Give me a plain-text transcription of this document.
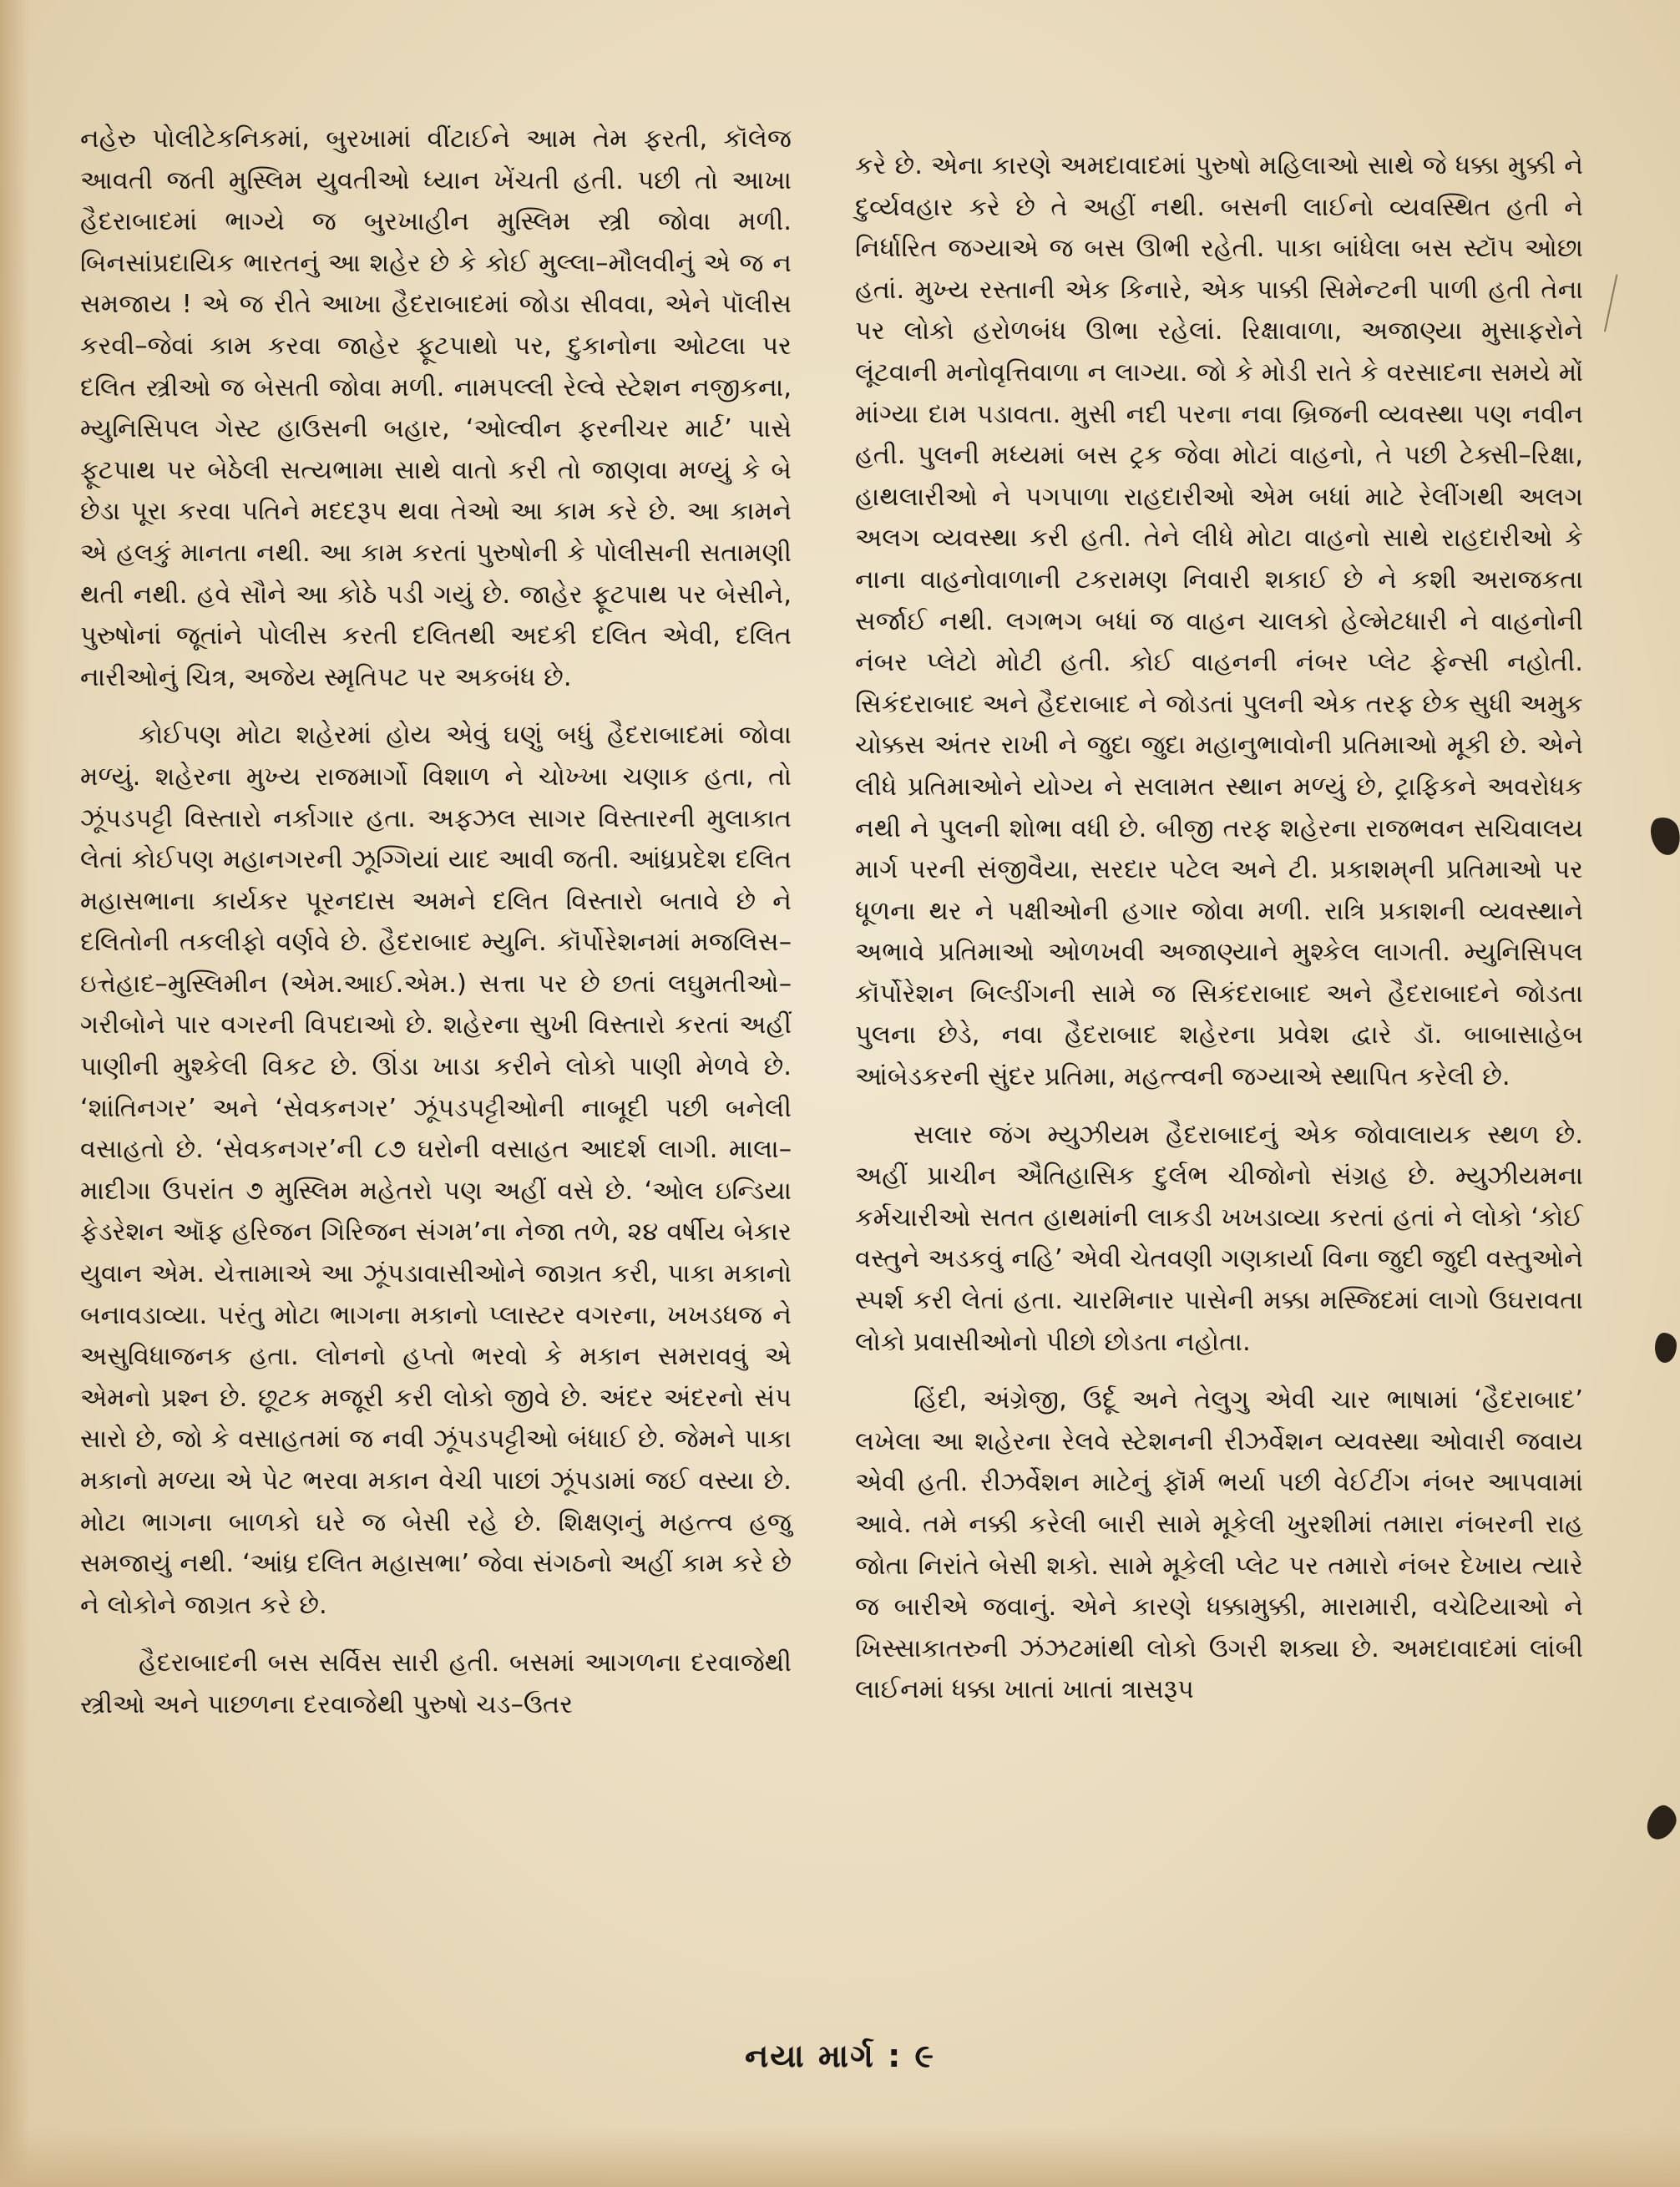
નહેરુ પોલીટેકનિકમાં, બુરખામાં વીંટાઈને આમ તેમ ફરતી, કૉલેજ આવતી જતી મુસ્લિમ યુવતીઓ ધ્યાન ખેંચતી હતી. પછી તો આખા હૈદરાબાદમાં ભાગ્યે જ બુરખાહીન મુસ્લિમ સ્ત્રી જોવા મળી. બિનસાંપ્રદાયિક ભારતનું આ શહેર છે કે કોઈ મુલ્લા–મૌલવીનું એ જ ન સમજાય ! એ જ રીતે આખા હૈદરાબાદમાં જોડા સીવવા, એને પૉલીસ કરવી–જેવાં કામ કરવા જાહેર ફૂટપાથો પર, દુકાનોના ઓટલા પર દલિત સ્ત્રીઓ જ બેસતી જોવા મળી. નામપલ્લી રેલ્વે સ્ટેશન નજીકના, મ્યુનિસિપલ ગેસ્ટ હાઉસની બહાર, ‘ઓલ્વીન ફરનીચર માર્ટ’ પાસે ફૂટપાથ પર બેઠેલી સત્યભામા સાથે વાતો કરી તો જાણવા મળ્યું કે બે છેડા પૂરા કરવા પતિને મદદરૂપ થવા તેઓ આ કામ કરે છે. આ કામને એ હલકું માનતા નથી. આ કામ કરતાં પુરુષોની કે પોલીસની સતામણી થતી નથી. હવે સૌને આ કોઠે પડી ગયું છે. જાહેર ફૂટપાથ પર બેસીને, પુરુષોનાં જૂતાંને પોલીસ કરતી દલિતથી અદકી દલિત એવી, દલિત નારીઓનું ચિત્ર, અજેય સ્મૃતિપટ પર અકબંધ છે.

કોઈપણ મોટા શહેરમાં હોય એવું ઘણું બધું હૈદરાબાદમાં જોવા મળ્યું. શહેરના મુખ્ય રાજમાર્ગો વિશાળ ને ચોખ્ખા ચણાક હતા, તો ઝૂંપડપટ્ટી વિસ્તારો નર્કાગાર હતા. અફઝલ સાગર વિસ્તારની મુલાકાત લેતાં કોઈપણ મહાનગરની ઝૂગ્ગિયાં યાદ આવી જતી. આંધ્રપ્રદેશ દલિત મહાસભાના કાર્યકર પૂરનદાસ અમને દલિત વિસ્તારો બતાવે છે ને દલિતોની તકલીફો વર્ણવે છે. હૈદરાબાદ મ્યુનિ. કૉર્પોરેશનમાં મજલિસ–ઇત્તેહાદ–મુસ્લિમીન (એમ.આઈ.એમ.) સત્તા પર છે છતાં લઘુમતીઓ–ગરીબોને પાર વગરની વિપદાઓ છે. શહેરના સુખી વિસ્તારો કરતાં અહીં પાણીની મુશ્કેલી વિકટ છે. ઊંડા ખાડા કરીને લોકો પાણી મેળવે છે. ‘શાંતિનગર’ અને ‘સેવકનગર’ ઝૂંપડપટ્ટીઓની નાબૂદી પછી બનેલી વસાહતો છે. ‘સેવકનગર’ની ૮૭ ઘરોની વસાહત આદર્શ લાગી. માલા–માદીગા ઉપરાંત ૭ મુસ્લિમ મહેતરો પણ અહીં વસે છે. ‘ઓલ ઇન્ડિયા ફેડરેશન ઑફ હરિજન ગિરિજન સંગમ’ના નેજા તળે, ૨૪ વર્ષીય બેકાર યુવાન એમ. યેત્તામાએ આ ઝૂંપડાવાસીઓને જાગ્રત કરી, પાકા મકાનો બનાવડાવ્યા. પરંતુ મોટા ભાગના મકાનો પ્લાસ્ટર વગરના, ખખડધજ ને અસુવિધાજનક હતા. લોનનો હપ્તો ભરવો કે મકાન સમરાવવું એ એમનો પ્રશ્ન છે. છૂટક મજૂરી કરી લોકો જીવે છે. અંદર અંદરનો સંપ સારો છે, જો કે વસાહતમાં જ નવી ઝૂંપડપટ્ટીઓ બંધાઈ છે. જેમને પાકા મકાનો મળ્યા એ પેટ ભરવા મકાન વેચી પાછાં ઝૂંપડામાં જઈ વસ્યા છે. મોટા ભાગના બાળકો ઘરે જ બેસી રહે છે. શિક્ષણનું મહત્ત્વ હજુ સમજાયું નથી. ‘આંધ્ર દલિત મહાસભા’ જેવા સંગઠનો અહીં કામ કરે છે ને લોકોને જાગ્રત કરે છે.

હૈદરાબાદની બસ સર્વિસ સારી હતી. બસમાં આગળના દરવાજેથી સ્ત્રીઓ અને પાછળના દરવાજેથી પુરુષો ચડ–ઉતર

કરે છે. એના કારણે અમદાવાદમાં પુરુષો મહિલાઓ સાથે જે ધક્કા મુક્કી ને દુર્વ્યવહાર કરે છે તે અહીં નથી. બસની લાઈનો વ્યવસ્થિત હતી ને નિર્ધારિત જગ્યાએ જ બસ ઊભી રહેતી. પાકા બાંધેલા બસ સ્ટૉપ ઓછા હતાં. મુખ્ય રસ્તાની એક કિનારે, એક પાક્કી સિમેન્ટની પાળી હતી તેના પર લોકો હરોળબંધ ઊભા રહેલાં. રિક્ષાવાળા, અજાણ્યા મુસાફરોને લૂંટવાની મનોવૃત્તિવાળા ન લાગ્યા. જો કે મોડી રાતે કે વરસાદના સમયે મોં માંગ્યા દામ પડાવતા. મુસી નદી પરના નવા બ્રિજની વ્યવસ્થા પણ નવીન હતી. પુલની મધ્યમાં બસ ટ્રક જેવા મોટાં વાહનો, તે પછી ટેક્સી–રિક્ષા, હાથલારીઓ ને પગપાળા રાહદારીઓ એમ બધાં માટે રેલીંગથી અલગ અલગ વ્યવસ્થા કરી હતી. તેને લીધે મોટા વાહનો સાથે રાહદારીઓ કે નાના વાહનોવાળાની ટકરામણ નિવારી શકાઈ છે ને કશી અરાજકતા સર્જાઈ નથી. લગભગ બધાં જ વાહન ચાલકો હેલ્મેટધારી ને વાહનોની નંબર પ્લેટો મોટી હતી. કોઈ વાહનની નંબર પ્લેટ ફેન્સી નહોતી. સિકંદરાબાદ અને હૈદરાબાદ ને જોડતાં પુલની એક તરફ છેક સુધી અમુક ચોક્કસ અંતર રાખી ને જુદા જુદા મહાનુભાવોની પ્રતિમાઓ મૂકી છે. એને લીધે પ્રતિમાઓને યોગ્ય ને સલામત સ્થાન મળ્યું છે, ટ્રાફિકને અવરોધક નથી ને પુલની શોભા વધી છે. બીજી તરફ શહેરના રાજભવન સચિવાલય માર્ગ પરની સંજીવૈયા, સરદાર પટેલ અને ટી. પ્રકાશમ્‌ની પ્રતિમાઓ પર ધૂળના થર ને પક્ષીઓની હગાર જોવા મળી. રાત્રિ પ્રકાશની વ્યવસ્થાને અભાવે પ્રતિમાઓ ઓળખવી અજાણ્યાને મુશ્કેલ લાગતી. મ્યુનિસિપલ કૉર્પોરેશન બિલ્ડીંગની સામે જ સિકંદરાબાદ અને હૈદરાબાદને જોડતા પુલના છેડે, નવા હૈદરાબાદ શહેરના પ્રવેશ દ્વારે ડૉ. બાબાસાહેબ આંબેડકરની સુંદર પ્રતિમા, મહત્ત્વની જગ્યાએ સ્થાપિત કરેલી છે.

સલાર જંગ મ્યુઝીયમ હૈદરાબાદનું એક જોવાલાયક સ્થળ છે. અહીં પ્રાચીન ઐતિહાસિક દુર્લભ ચીજોનો સંગ્રહ છે. મ્યુઝીયમના કર્મચારીઓ સતત હાથમાંની લાકડી ખખડાવ્યા કરતાં હતાં ને લોકો ‘કોઈ વસ્તુને અડકવું નહિ’ એવી ચેતવણી ગણકાર્યા વિના જુદી જુદી વસ્તુઓને સ્પર્શ કરી લેતાં હતા. ચારમિનાર પાસેની મક્કા મસ્જિદમાં લાગો ઉઘરાવતા લોકો પ્રવાસીઓનો પીછો છોડતા નહોતા.

હિંદી, અંગ્રેજી, ઉર્દૂ અને તેલુગુ એવી ચાર ભાષામાં ‘હૈદરાબાદ’ લખેલા આ શહેરના રેલવે સ્ટેશનની રીઝર્વેશન વ્યવસ્થા ઓવારી જવાય એવી હતી. રીઝર્વેશન માટેનું ફૉર્મ ભર્યા પછી વેઈટીંગ નંબર આપવામાં આવે. તમે નક્કી કરેલી બારી સામે મૂકેલી ખુરશીમાં તમારા નંબરની રાહ જોતા નિરાંતે બેસી શકો. સામે મૂકેલી પ્લેટ પર તમારો નંબર દેખાય ત્યારે જ બારીએ જવાનું. એને કારણે ધક્કામુક્કી, મારામારી, વચેટિયાઓ ને ખિસ્સાકાતરુની ઝંઝટમાંથી લોકો ઉગરી શક્યા છે. અમદાવાદમાં લાંબી લાઈનમાં ધક્કા ખાતાં ખાતાં ત્રાસરૂપ

નયા માર્ગ : ૯
